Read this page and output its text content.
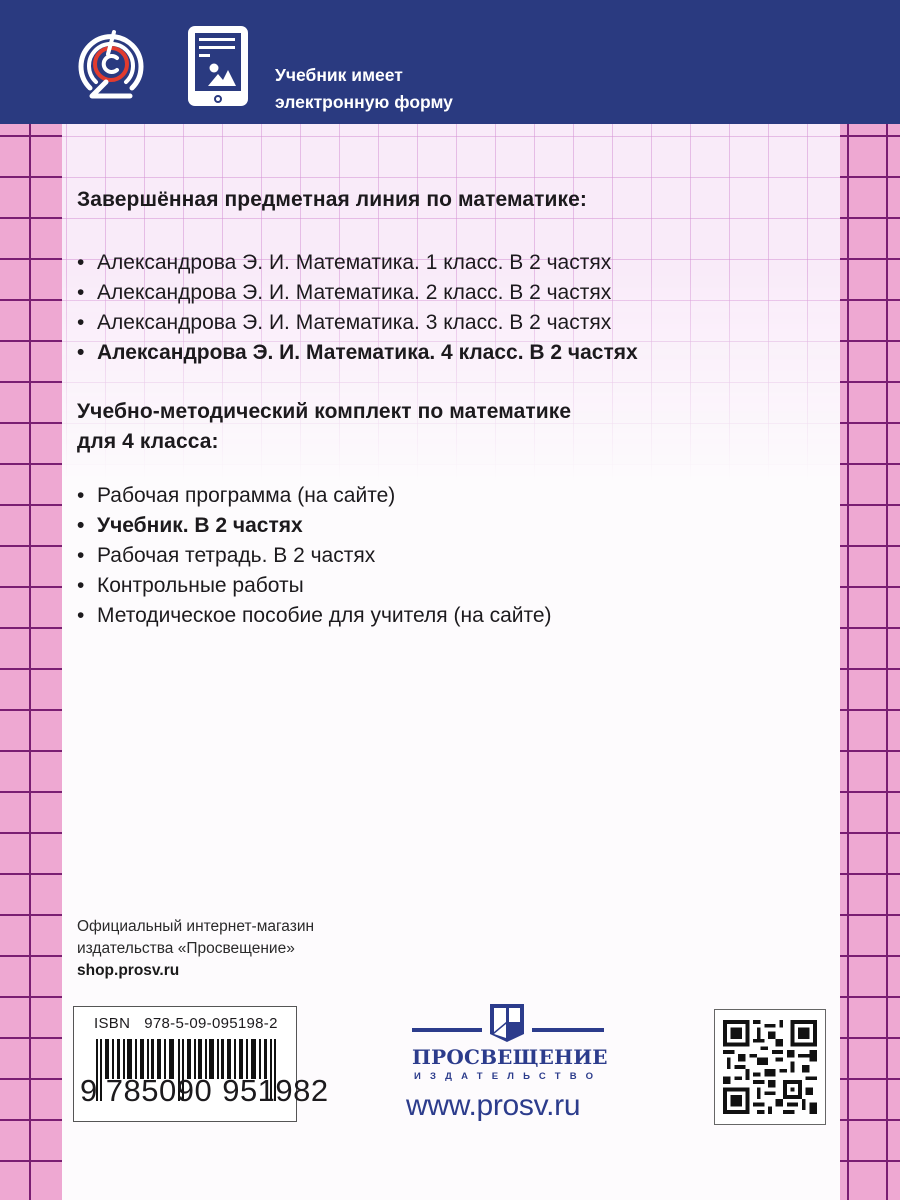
Учебник имеет
электронную форму
Завершённая предметная линия по математике:
• Александрова Э. И. Математика. 1 класс. В 2 частях
• Александрова Э. И. Математика. 2 класс. В 2 частях
• Александрова Э. И. Математика. 3 класс. В 2 частях
• Александрова Э. И. Математика. 4 класс. В 2 частях
Учебно-методический комплект по математике
для 4 класса:
• Рабочая программа (на сайте)
• Учебник. В 2 частях
• Рабочая тетрадь. В 2 частях
• Контрольные работы
• Методическое пособие для учителя (на сайте)
Официальный интернет-магазин
издательства «Просвещение»
shop.prosv.ru
ISBN 978-5-09-095198-2
9 785090 951982
ПРОСВЕЩЕНИЕ
ИЗДАТЕЛЬСТВО
www.prosv.ru
